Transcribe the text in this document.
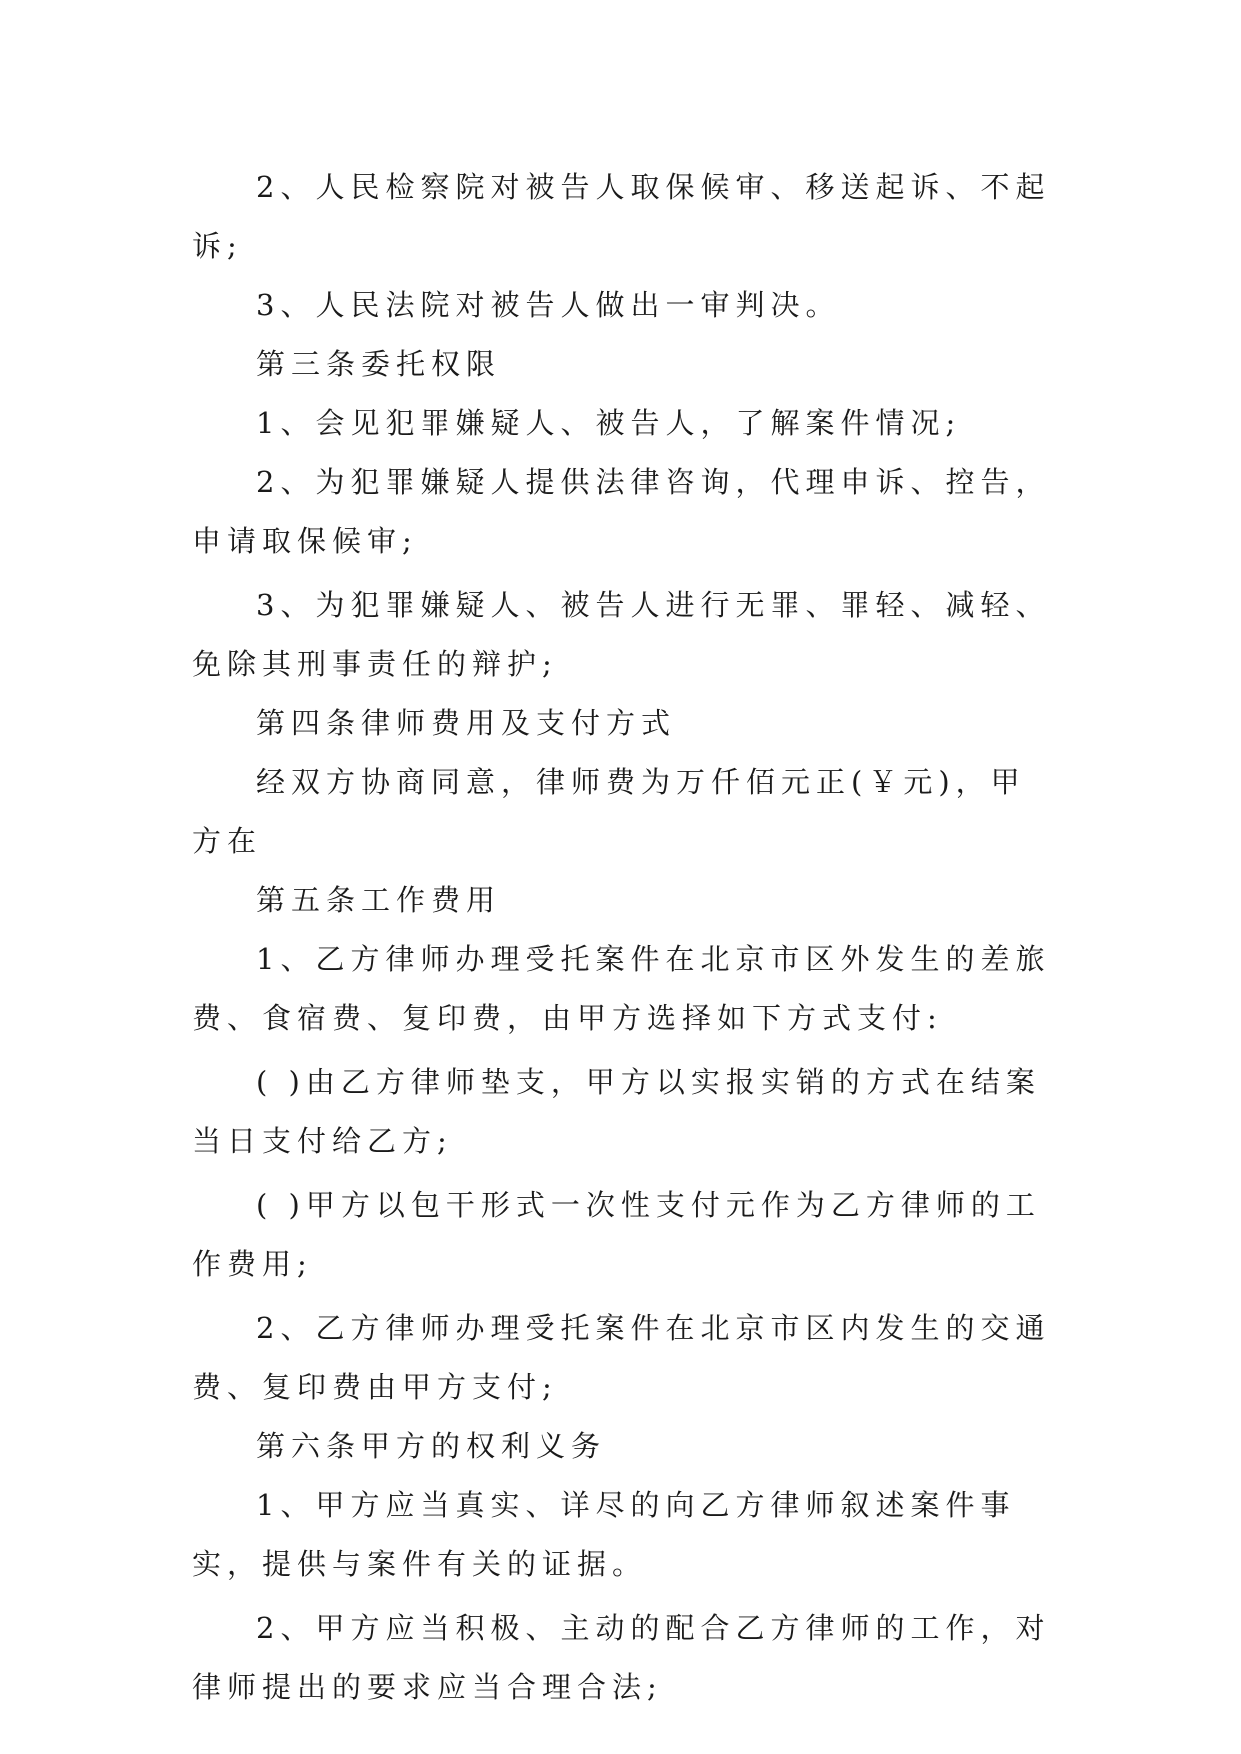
2、人民检察院对被告人取保候审、移送起诉、不起诉;

3、人民法院对被告人做出一审判决。

第三条委托权限

1、会见犯罪嫌疑人、被告人，了解案件情况;

2、为犯罪嫌疑人提供法律咨询，代理申诉、控告，申请取保候审;

3、为犯罪嫌疑人、被告人进行无罪、罪轻、减轻、免除其刑事责任的辩护;

第四条律师费用及支付方式

经双方协商同意，律师费为万仟佰元正(￥元)，甲方在

第五条工作费用

1、乙方律师办理受托案件在北京市区外发生的差旅费、食宿费、复印费，由甲方选择如下方式支付:

( )由乙方律师垫支，甲方以实报实销的方式在结案当日支付给乙方;

( )甲方以包干形式一次性支付元作为乙方律师的工作费用;

2、乙方律师办理受托案件在北京市区内发生的交通费、复印费由甲方支付;

第六条甲方的权利义务

1、甲方应当真实、详尽的向乙方律师叙述案件事实，提供与案件有关的证据。

2、甲方应当积极、主动的配合乙方律师的工作，对律师提出的要求应当合理合法;
